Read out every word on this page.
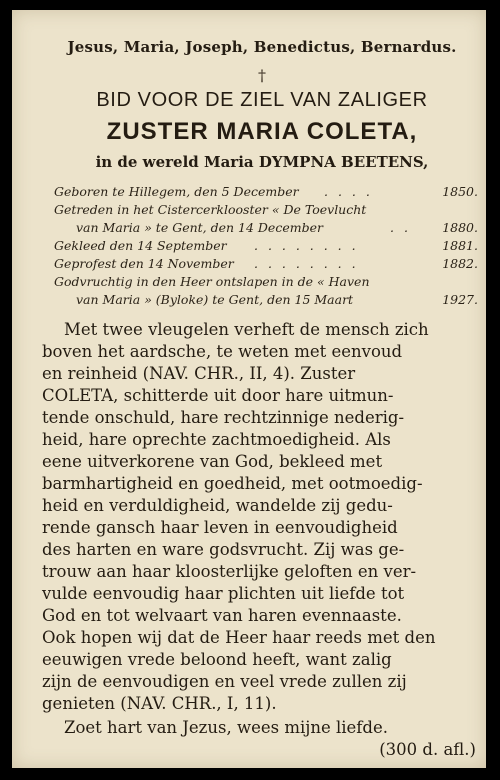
Jesus, Maria, Joseph, Benedictus, Bernardus.
†
BID VOOR DE ZIEL VAN ZALIGER
ZUSTER MARIA COLETA,
in de wereld Maria DYMPNA BEETENS,
Geboren te Hillegem, den 5 December . . . .	1850.
Getreden in het Cistercerklooster « De Toevlucht
van Maria » te Gent, den 14 December	. .	1880.
Gekleed den 14 September . . . . . . . .	1881.
Geprofest den 14 November . . . . . . . .	1882.
Godvruchtig in den Heer ontslapen in de « Haven
van Maria » (Byloke) te Gent, den 15 Maart	1927.
Met twee vleugelen verheft de mensch zich
boven het aardsche, te weten met eenvoud
en reinheid (NAV. CHR., II, 4). Zuster
COLETA, schitterde uit door hare uitmun-
tende onschuld, hare rechtzinnige nederig-
heid, hare oprechte zachtmoedigheid. Als
eene uitverkorene van God, bekleed met
barmhartigheid en goedheid, met ootmoedig-
heid en verduldigheid, wandelde zij gedu-
rende gansch haar leven in eenvoudigheid
des harten en ware godsvrucht. Zij was ge-
trouw aan haar kloosterlijke geloften en ver-
vulde eenvoudig haar plichten uit liefde tot
God en tot welvaart van haren evennaaste.
Ook hopen wij dat de Heer haar reeds met den
eeuwigen vrede beloond heeft, want zalig
zijn de eenvoudigen en veel vrede zullen zij
genieten (NAV. CHR., I, 11).
Zoet hart van Jezus, wees mijne liefde.
(300 d. afl.)
